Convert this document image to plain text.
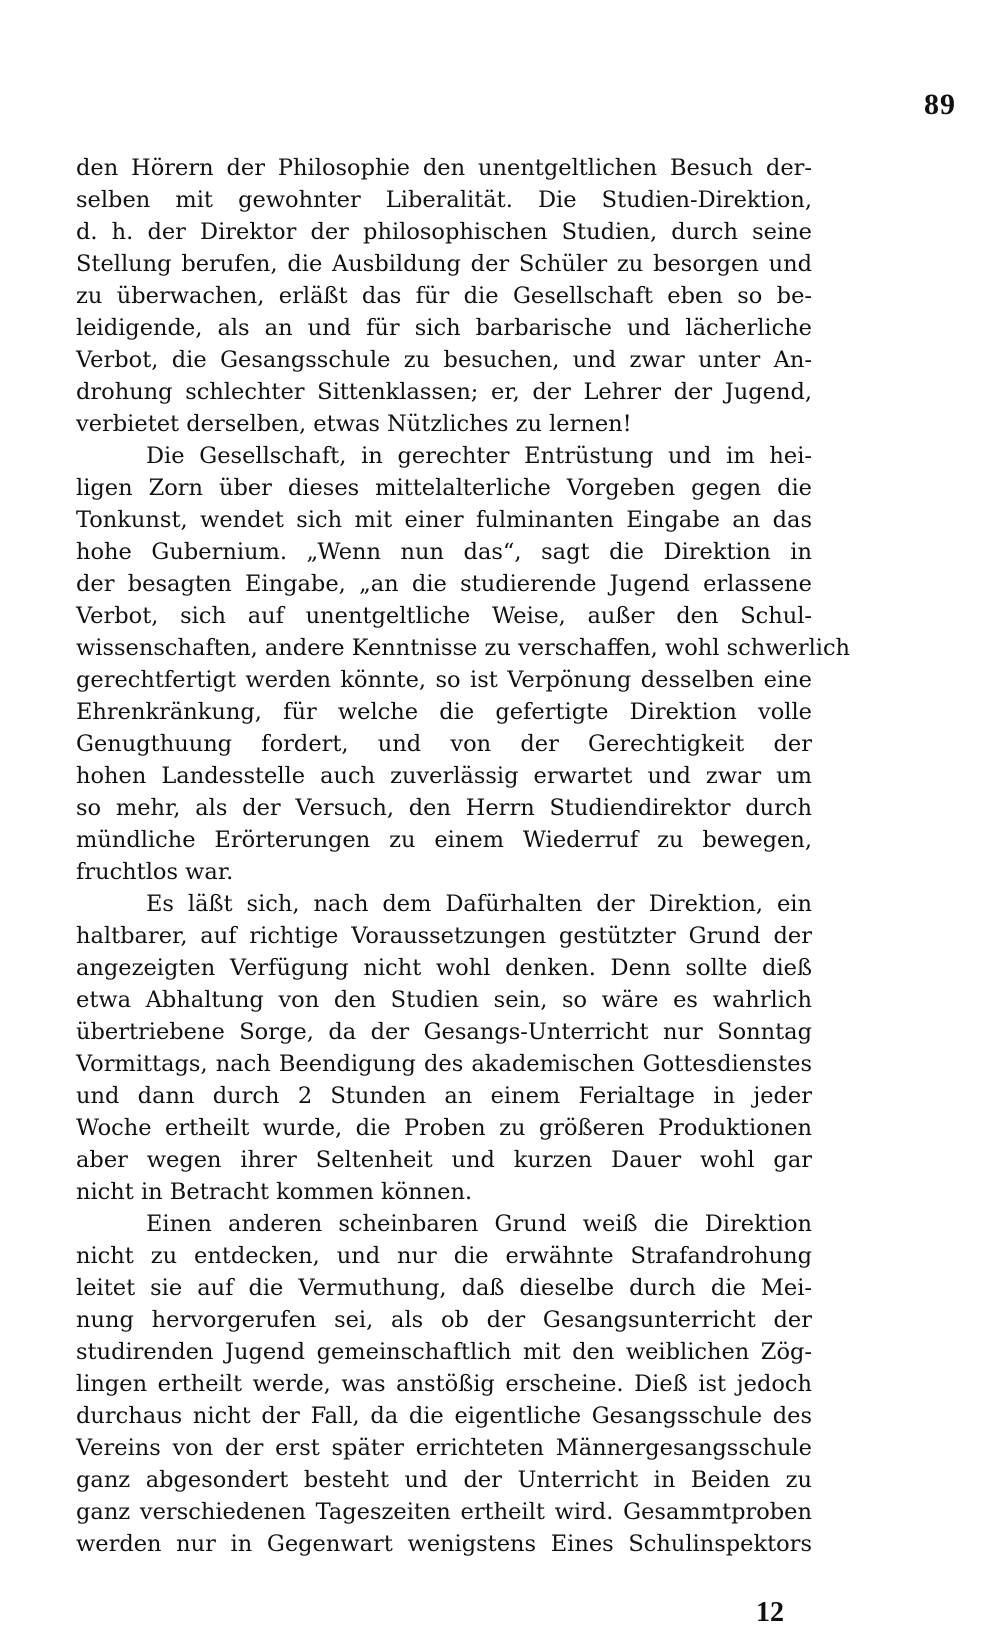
89

den Hörern der Philosophie den unentgeltlichen Besuch der-
selben mit gewohnter Liberalität. Die Studien-Direktion,
d. h. der Direktor der philosophischen Studien, durch seine
Stellung berufen, die Ausbildung der Schüler zu besorgen und
zu überwachen, erläßt das für die Gesellschaft eben so be-
leidigende, als an und für sich barbarische und lächerliche
Verbot, die Gesangsschule zu besuchen, und zwar unter An-
drohung schlechter Sittenklassen; er, der Lehrer der Jugend,
verbietet derselben, etwas Nützliches zu lernen!

Die Gesellschaft, in gerechter Entrüstung und im hei-
ligen Zorn über dieses mittelalterliche Vorgeben gegen die
Tonkunst, wendet sich mit einer fulminanten Eingabe an das
hohe Gubernium. „Wenn nun das“, sagt die Direktion in
der besagten Eingabe, „an die studierende Jugend erlassene
Verbot, sich auf unentgeltliche Weise, außer den Schul-
wissenschaften, andere Kenntnisse zu verschaffen, wohl schwerlich
gerechtfertigt werden könnte, so ist Verpönung desselben eine
Ehrenkränkung, für welche die gefertigte Direktion volle
Genugthuung fordert, und von der Gerechtigkeit der
hohen Landesstelle auch zuverlässig erwartet und zwar um
so mehr, als der Versuch, den Herrn Studiendirektor durch
mündliche Erörterungen zu einem Wiederruf zu bewegen,
fruchtlos war.

Es läßt sich, nach dem Dafürhalten der Direktion, ein
haltbarer, auf richtige Voraussetzungen gestützter Grund der
angezeigten Verfügung nicht wohl denken. Denn sollte dieß
etwa Abhaltung von den Studien sein, so wäre es wahrlich
übertriebene Sorge, da der Gesangs-Unterricht nur Sonntag
Vormittags, nach Beendigung des akademischen Gottesdienstes
und dann durch 2 Stunden an einem Ferialtage in jeder
Woche ertheilt wurde, die Proben zu größeren Produktionen
aber wegen ihrer Seltenheit und kurzen Dauer wohl gar
nicht in Betracht kommen können.

Einen anderen scheinbaren Grund weiß die Direktion
nicht zu entdecken, und nur die erwähnte Strafandrohung
leitet sie auf die Vermuthung, daß dieselbe durch die Mei-
nung hervorgerufen sei, als ob der Gesangsunterricht der
studirenden Jugend gemeinschaftlich mit den weiblichen Zög-
lingen ertheilt werde, was anstößig erscheine. Dieß ist jedoch
durchaus nicht der Fall, da die eigentliche Gesangsschule des
Vereins von der erst später errichteten Männergesangsschule
ganz abgesondert besteht und der Unterricht in Beiden zu
ganz verschiedenen Tageszeiten ertheilt wird. Gesammtproben
werden nur in Gegenwart wenigstens Eines Schulinspektors

12
